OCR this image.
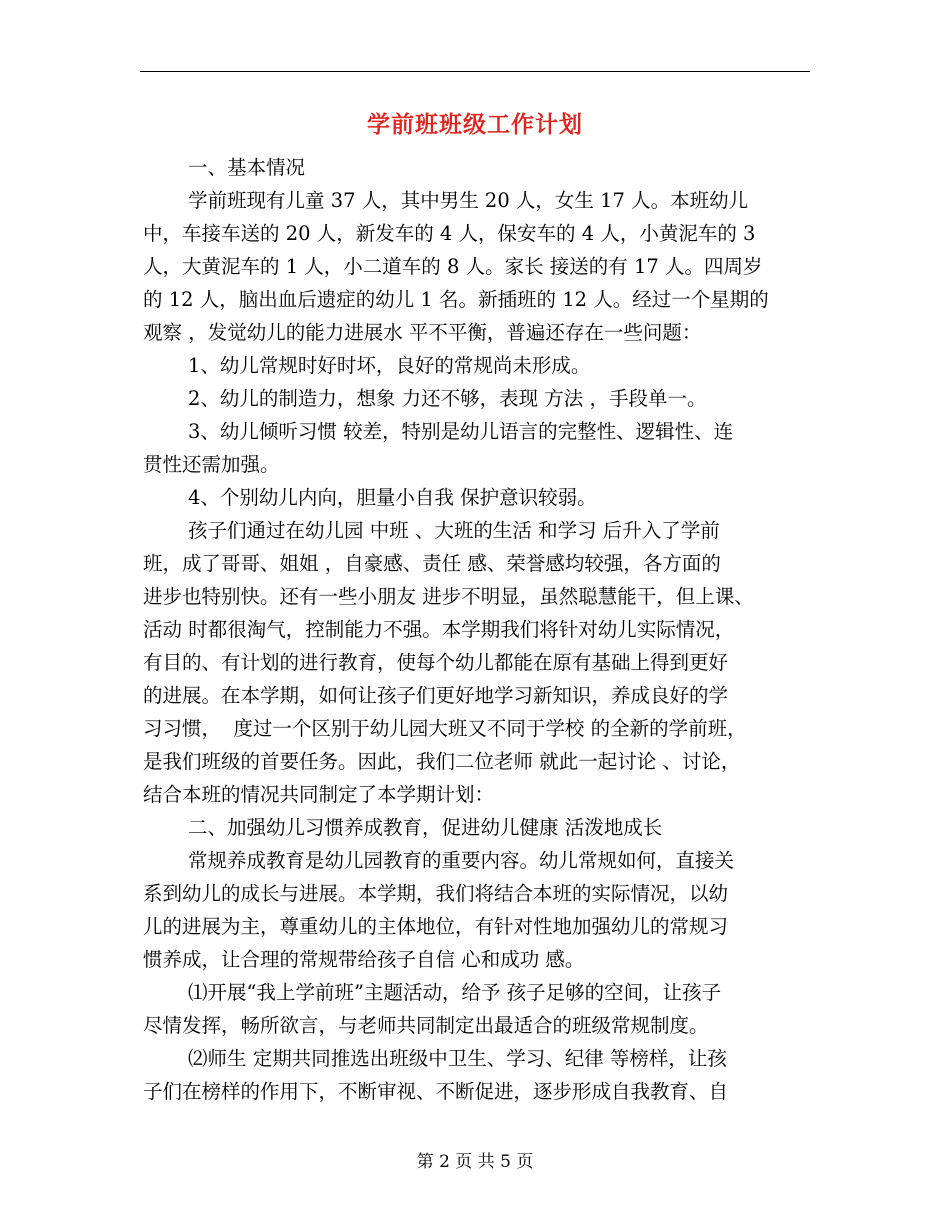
学前班班级工作计划
一、基本情况
学前班现有儿童 37 人，其中男生 20 人，女生 17 人。本班幼儿
中，车接车送的 20 人，新发车的 4 人，保安车的 4 人，小黄泥车的 3
人，大黄泥车的 1 人，小二道车的 8 人。家长 接送的有 17 人。四周岁
的 12 人，脑出血后遗症的幼儿 1 名。新插班的 12 人。经过一个星期的
观察 ，发觉幼儿的能力进展水 平不平衡，普遍还存在一些问题：
1、幼儿常规时好时坏，良好的常规尚未形成。
2、幼儿的制造力，想象 力还不够，表现 方法 ，手段单一。
3、幼儿倾听习惯 较差，特别是幼儿语言的完整性、逻辑性、连
贯性还需加强。
4、个别幼儿内向，胆量小自我 保护意识较弱。
孩子们通过在幼儿园 中班 、大班的生活 和学习 后升入了学前
班，成了哥哥、姐姐 ，自豪感、责任 感、荣誉感均较强，各方面的
进步也特别快。还有一些小朋友 进步不明显，虽然聪慧能干，但上课、
活动 时都很淘气，控制能力不强。本学期我们将针对幼儿实际情况，
有目的、有计划的进行教育，使每个幼儿都能在原有基础上得到更好
的进展。在本学期，如何让孩子们更好地学习新知识，养成良好的学
习习惯，  度过一个区别于幼儿园大班又不同于学校 的全新的学前班，
是我们班级的首要任务。因此，我们二位老师 就此一起讨论 、讨论，
结合本班的情况共同制定了本学期计划：
二、加强幼儿习惯养成教育，促进幼儿健康 活泼地成长
常规养成教育是幼儿园教育的重要内容。幼儿常规如何，直接关
系到幼儿的成长与进展。本学期，我们将结合本班的实际情况，以幼
儿的进展为主，尊重幼儿的主体地位，有针对性地加强幼儿的常规习
惯养成，让合理的常规带给孩子自信 心和成功 感。
⑴开展“我上学前班”主题活动，给予 孩子足够的空间，让孩子
尽情发挥，畅所欲言，与老师共同制定出最适合的班级常规制度。
⑵师生 定期共同推选出班级中卫生、学习、纪律 等榜样，让孩
子们在榜样的作用下，不断审视、不断促进，逐步形成自我教育、自
第 2 页 共 5 页
